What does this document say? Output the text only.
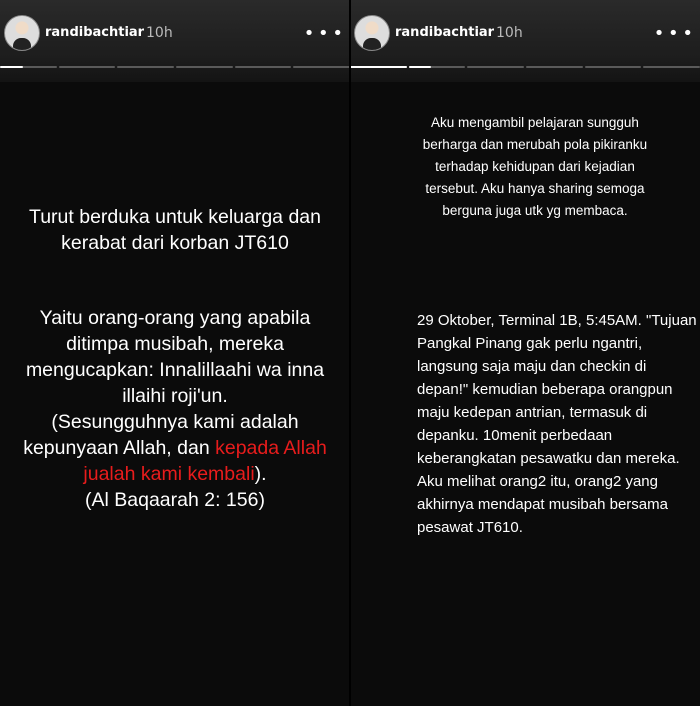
randibachtiar 10h	• • •
Turut berduka untuk keluarga dan kerabat dari korban JT610
Yaitu orang-orang yang apabila ditimpa musibah, mereka mengucapkan: Innalillaahi wa inna illaihi roji'un.
(Sesungguhnya kami adalah kepunyaan Allah, dan kepada Allah jualah kami kembali).
(Al Baqaarah 2: 156)
randibachtiar 10h	• • •
Aku mengambil pelajaran sungguh berharga dan merubah pola pikiranku terhadap kehidupan dari kejadian tersebut. Aku hanya sharing semoga berguna juga utk yg membaca.
29 Oktober, Terminal 1B, 5:45AM. "Tujuan Pangkal Pinang gak perlu ngantri, langsung saja maju dan checkin di depan!" kemudian beberapa orangpun maju kedepan antrian, termasuk di depanku. 10menit perbedaan keberangkatan pesawatku dan mereka. Aku melihat orang2 itu, orang2 yang akhirnya mendapat musibah bersama pesawat JT610.
